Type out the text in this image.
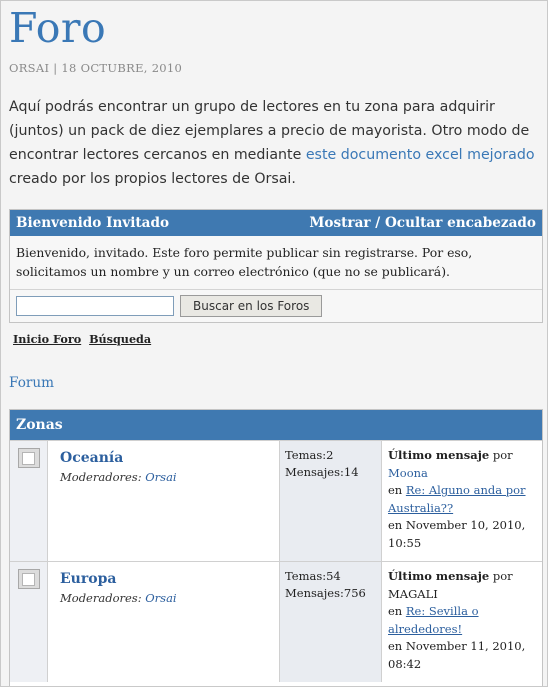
Foro
ORSAI | 18 OCTUBRE, 2010
Aquí podrás encontrar un grupo de lectores en tu zona para adquirir (juntos) un pack de diez ejemplares a precio de mayorista. Otro modo de encontrar lectores cercanos en mediante este documento excel mejorado creado por los propios lectores de Orsai.
Bienvenido Invitado	Mostrar / Ocultar encabezado
Bienvenido, invitado. Este foro permite publicar sin registrarse. Por eso, solicitamos un nombre y un correo electrónico (que no se publicará).
Buscar en los Foros
Inicio Foro Búsqueda
Forum
Zonas
Oceanía
Moderadores: Orsai
Temas:2
Mensajes:14
Último mensaje por
Moona
en Re: Alguno anda por Australia??
en November 10, 2010, 10:55
Europa
Moderadores: Orsai
Temas:54
Mensajes:756
Último mensaje por MAGALI
en Re: Sevilla o alrededores!
en November 11, 2010, 08:42
